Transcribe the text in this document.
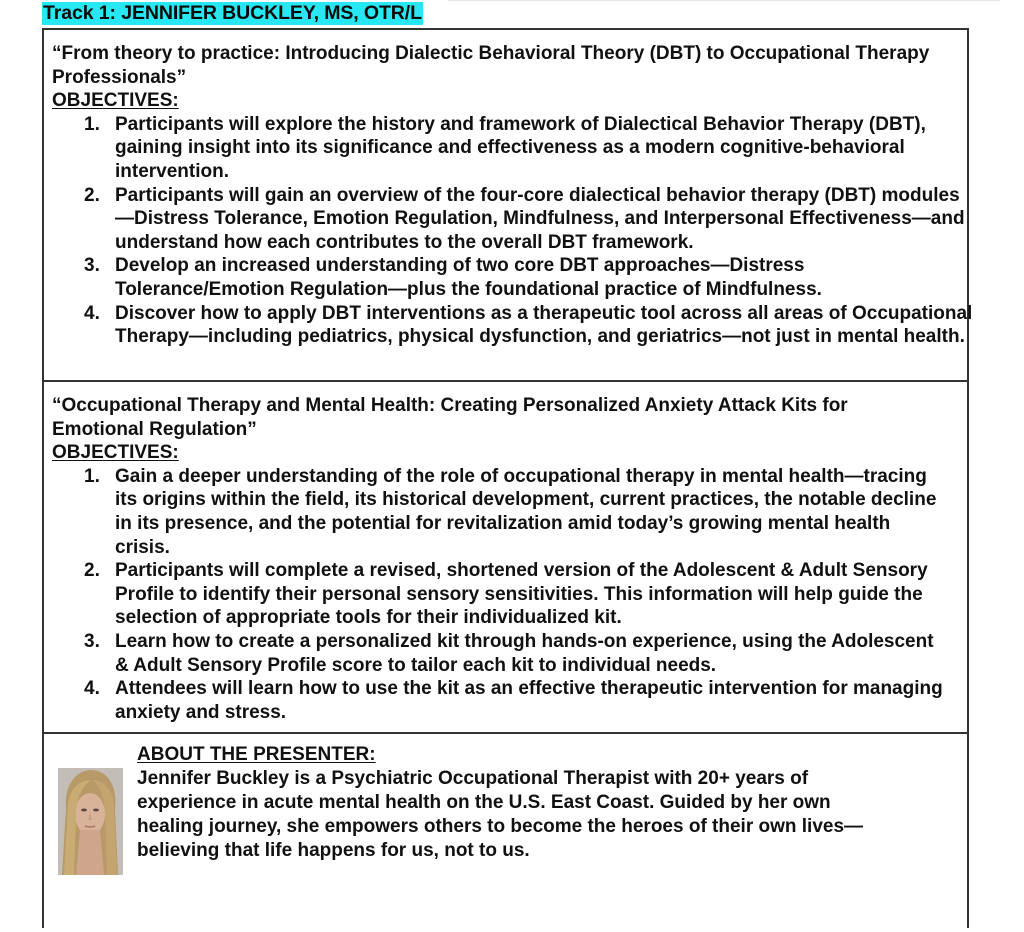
Track 1: JENNIFER BUCKLEY, MS, OTR/L

“From theory to practice: Introducing Dialectic Behavioral Theory (DBT) to Occupational Therapy Professionals”

OBJECTIVES:

1. Participants will explore the history and framework of Dialectical Behavior Therapy (DBT), gaining insight into its significance and effectiveness as a modern cognitive-behavioral intervention.
2. Participants will gain an overview of the four-core dialectical behavior therapy (DBT) modules—Distress Tolerance, Emotion Regulation, Mindfulness, and Interpersonal Effectiveness—and understand how each contributes to the overall DBT framework.
3. Develop an increased understanding of two core DBT approaches—Distress Tolerance/Emotion Regulation—plus the foundational practice of Mindfulness.
4. Discover how to apply DBT interventions as a therapeutic tool across all areas of Occupational Therapy—including pediatrics, physical dysfunction, and geriatrics—not just in mental health.

“Occupational Therapy and Mental Health: Creating Personalized Anxiety Attack Kits for Emotional Regulation”

OBJECTIVES:

1. Gain a deeper understanding of the role of occupational therapy in mental health—tracing its origins within the field, its historical development, current practices, the notable decline in its presence, and the potential for revitalization amid today’s growing mental health crisis.
2. Participants will complete a revised, shortened version of the Adolescent & Adult Sensory Profile to identify their personal sensory sensitivities. This information will help guide the selection of appropriate tools for their individualized kit.
3. Learn how to create a personalized kit through hands-on experience, using the Adolescent & Adult Sensory Profile score to tailor each kit to individual needs.
4. Attendees will learn how to use the kit as an effective therapeutic intervention for managing anxiety and stress.

ABOUT THE PRESENTER:

Jennifer Buckley is a Psychiatric Occupational Therapist with 20+ years of experience in acute mental health on the U.S. East Coast. Guided by her own healing journey, she empowers others to become the heroes of their own lives—believing that life happens for us, not to us.
